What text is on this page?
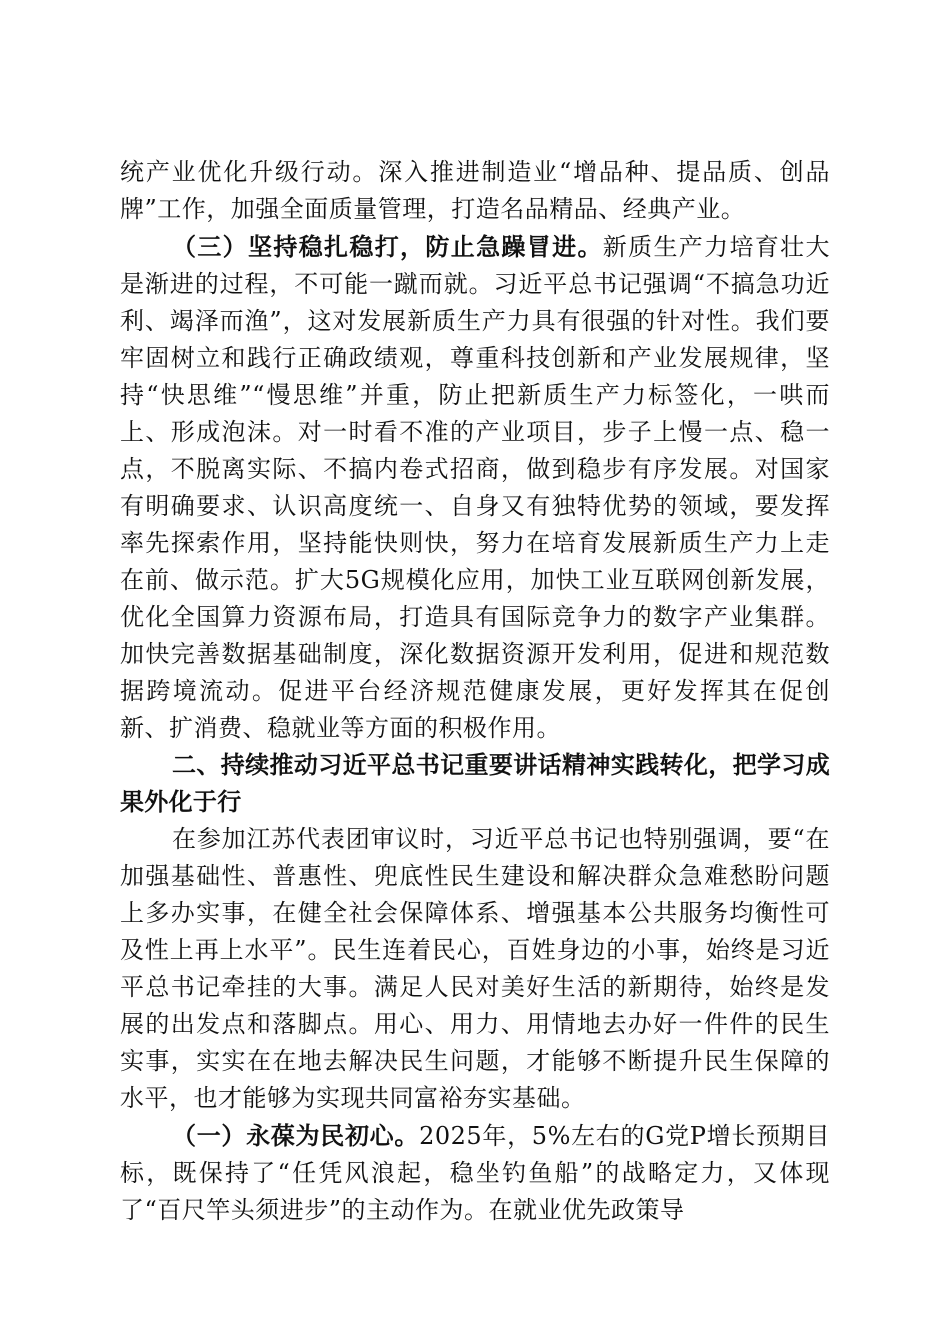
统产业优化升级行动。深入推进制造业“增品种、提品质、创品牌”工作，加强全面质量管理，打造名品精品、经典产业。

（三）坚持稳扎稳打，防止急躁冒进。新质生产力培育壮大是渐进的过程，不可能一蹴而就。习近平总书记强调“不搞急功近利、竭泽而渔”，这对发展新质生产力具有很强的针对性。我们要牢固树立和践行正确政绩观，尊重科技创新和产业发展规律，坚持“快思维”“慢思维”并重，防止把新质生产力标签化，一哄而上、形成泡沫。对一时看不准的产业项目，步子上慢一点、稳一点，不脱离实际、不搞内卷式招商，做到稳步有序发展。对国家有明确要求、认识高度统一、自身又有独特优势的领域，要发挥率先探索作用，坚持能快则快，努力在培育发展新质生产力上走在前、做示范。扩大5G规模化应用，加快工业互联网创新发展，优化全国算力资源布局，打造具有国际竞争力的数字产业集群。加快完善数据基础制度，深化数据资源开发利用，促进和规范数据跨境流动。促进平台经济规范健康发展，更好发挥其在促创新、扩消费、稳就业等方面的积极作用。

二、持续推动习近平总书记重要讲话精神实践转化，把学习成果外化于行

在参加江苏代表团审议时，习近平总书记也特别强调，要“在加强基础性、普惠性、兜底性民生建设和解决群众急难愁盼问题上多办实事，在健全社会保障体系、增强基本公共服务均衡性可及性上再上水平”。民生连着民心，百姓身边的小事，始终是习近平总书记牵挂的大事。满足人民对美好生活的新期待，始终是发展的出发点和落脚点。用心、用力、用情地去办好一件件的民生实事，实实在在地去解决民生问题，才能够不断提升民生保障的水平，也才能够为实现共同富裕夯实基础。

（一）永葆为民初心。2025年，5%左右的G党P增长预期目标，既保持了“任凭风浪起，稳坐钓鱼船”的战略定力，又体现了“百尺竿头须进步”的主动作为。在就业优先政策导
